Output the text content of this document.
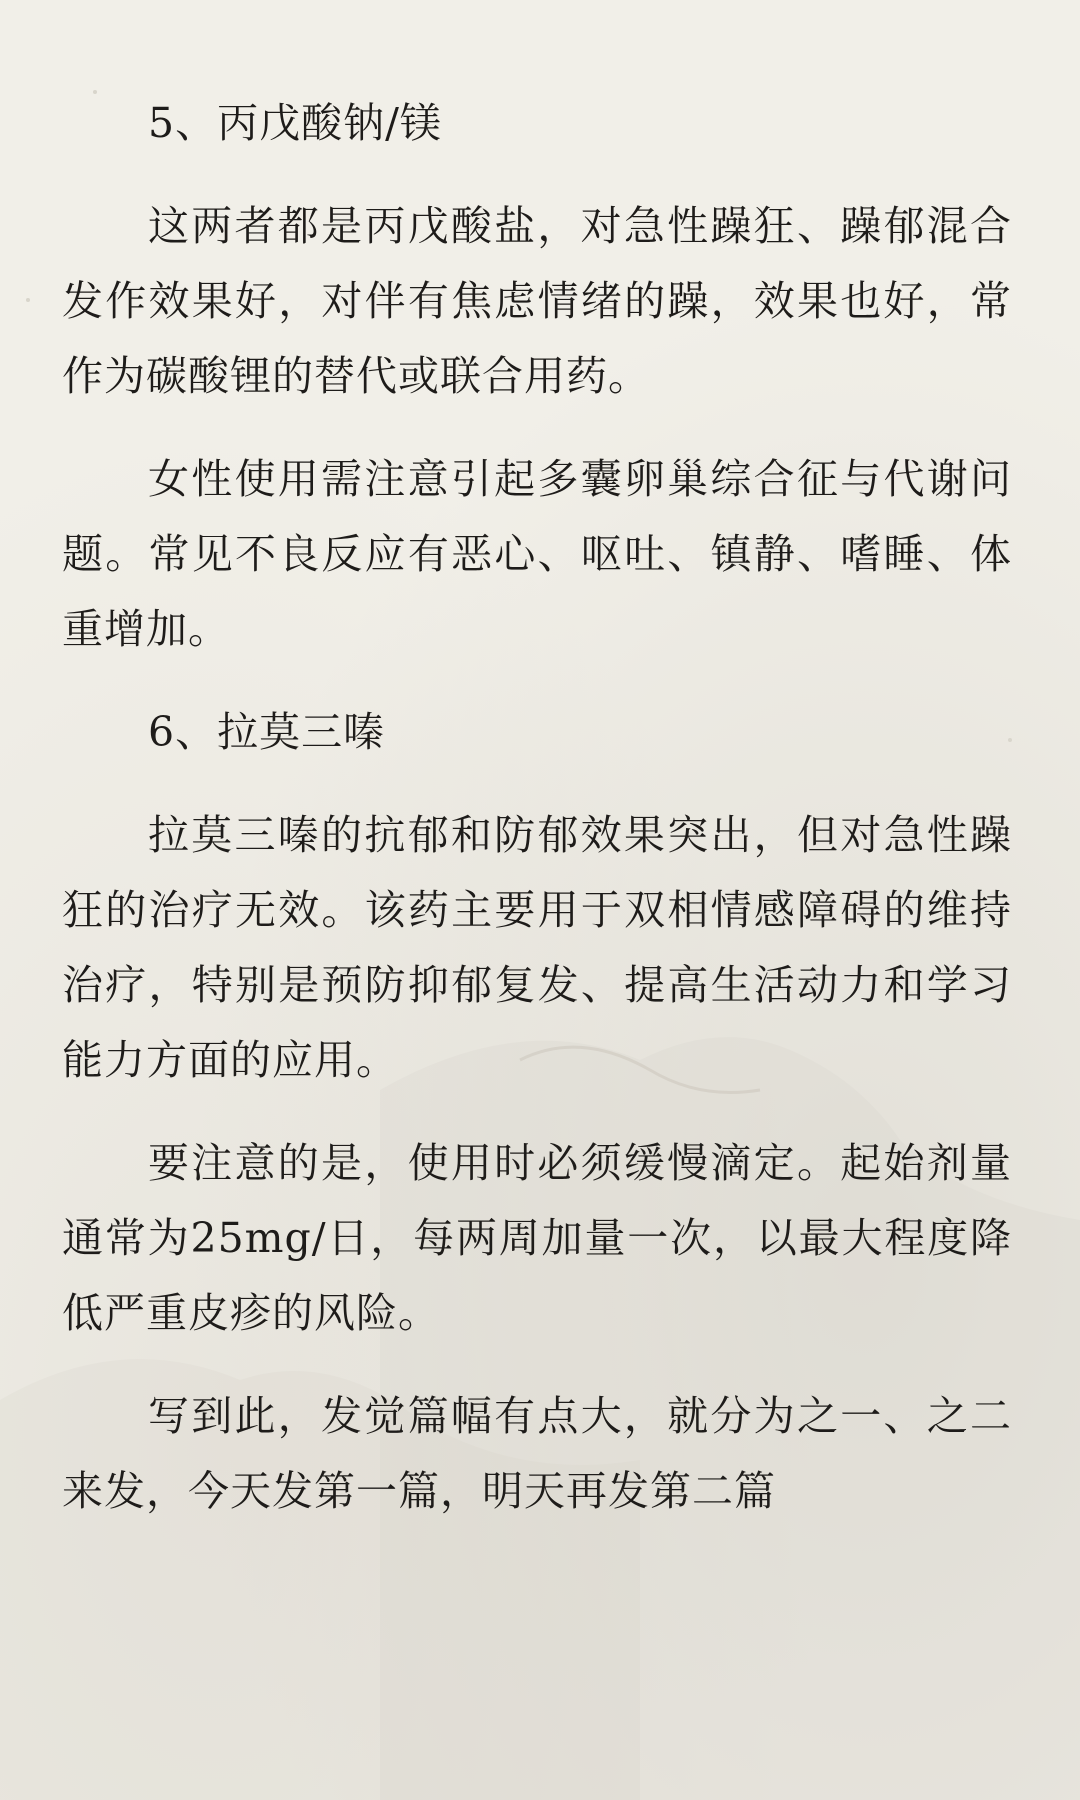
5、丙戊酸钠/镁

这两者都是丙戊酸盐，对急性躁狂、躁郁混合发作效果好，对伴有焦虑情绪的躁，效果也好，常作为碳酸锂的替代或联合用药。

女性使用需注意引起多囊卵巢综合征与代谢问题。常见不良反应有恶心、呕吐、镇静、嗜睡、体重增加。

6、拉莫三嗪

拉莫三嗪的抗郁和防郁效果突出，但对急性躁狂的治疗无效。该药主要用于双相情感障碍的维持治疗，特别是预防抑郁复发、提高生活动力和学习能力方面的应用。

要注意的是，使用时必须缓慢滴定。起始剂量通常为25mg/日，每两周加量一次，以最大程度降低严重皮疹的风险。

写到此，发觉篇幅有点大，就分为之一、之二来发，今天发第一篇，明天再发第二篇
